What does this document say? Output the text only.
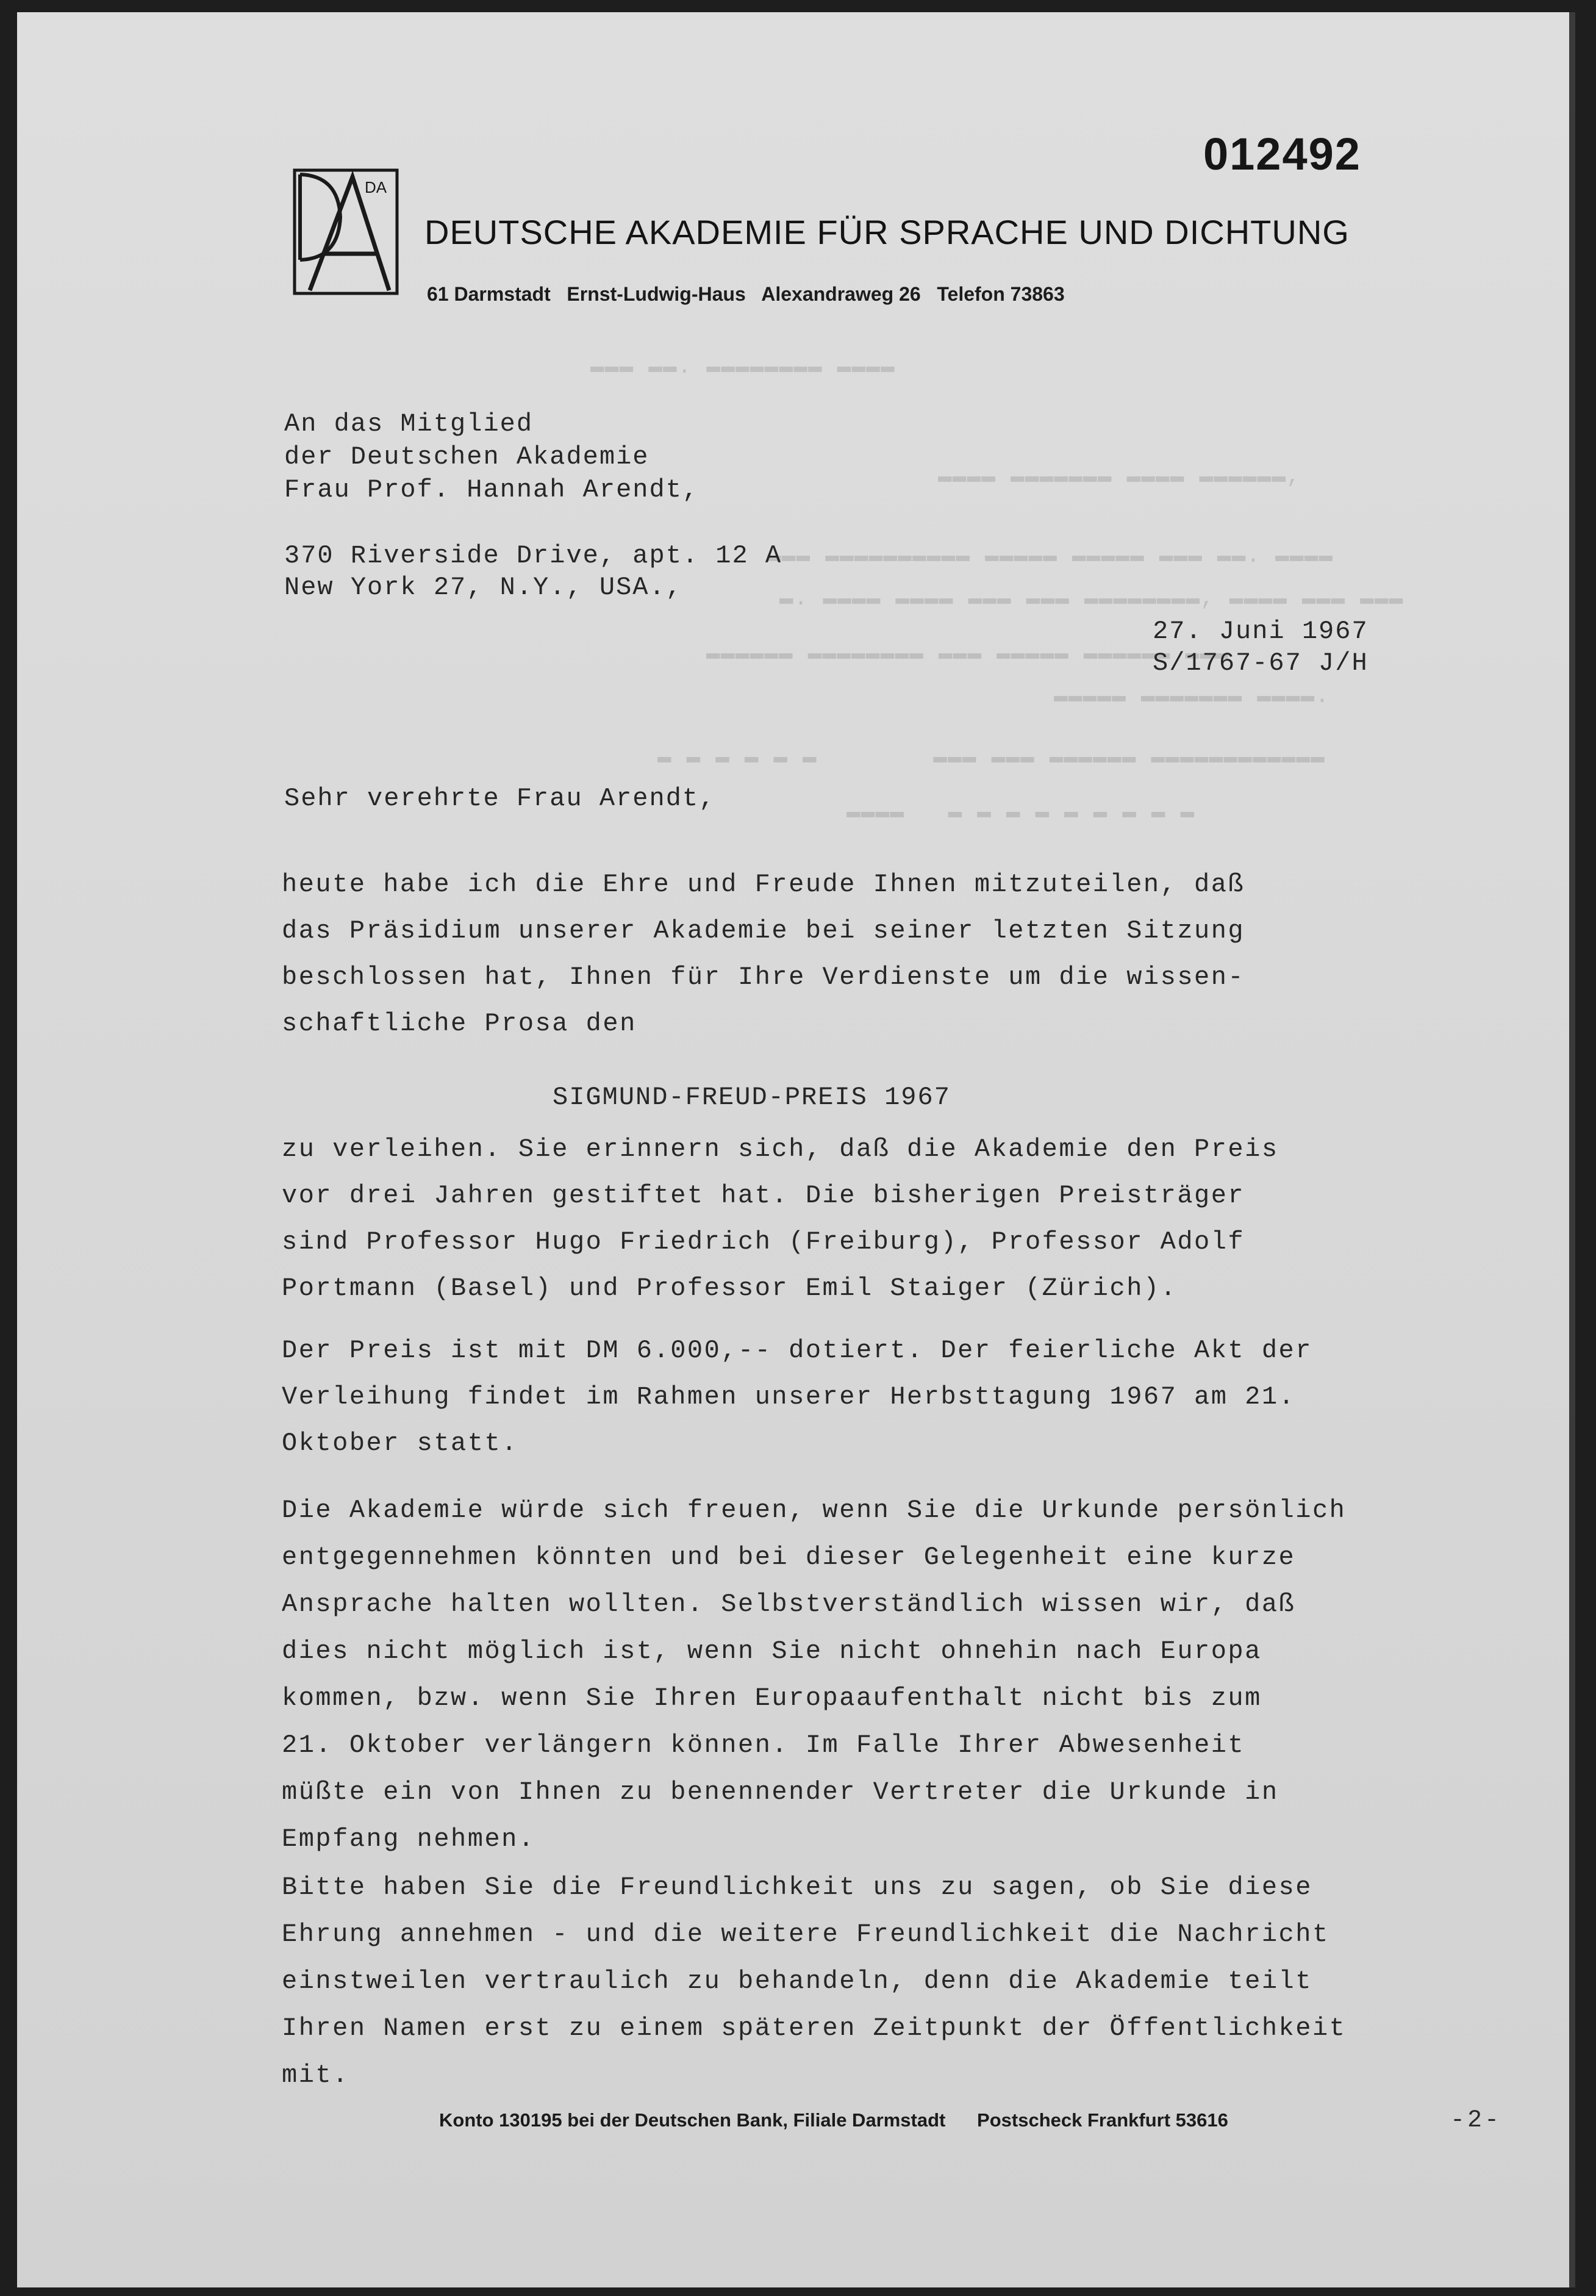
▬▬▬ ▬▬. ▬▬▬▬▬▬▬▬ ▬▬▬▬
▬▬▬▬ ▬▬▬▬▬▬▬ ▬▬▬▬ ▬▬▬▬▬▬,
▬▬▬ ▬▬▬▬▬▬▬▬▬▬ ▬▬▬▬▬ ▬▬▬▬▬ ▬▬▬ ▬▬. ▬▬▬▬
▬. ▬▬▬▬ ▬▬▬▬ ▬▬▬ ▬▬▬ ▬▬▬▬▬▬▬▬, ▬▬▬▬ ▬▬▬ ▬▬▬
▬▬▬▬▬▬ ▬▬▬▬▬▬▬▬ ▬▬▬ ▬▬▬▬▬ ▬▬▬▬▬▬ ▬▬▬
▬▬▬▬▬ ▬▬▬▬▬▬▬ ▬▬▬▬.
▬ ▬ ▬ ▬ ▬ ▬        ▬▬▬ ▬▬▬ ▬▬▬▬▬▬ ▬▬▬▬▬▬▬▬▬▬▬▬
▬▬▬▬   ▬ ▬ ▬ ▬ ▬ ▬ ▬ ▬ ▬
012492
DA
DEUTSCHE AKADEMIE FÜR SPRACHE UND DICHTUNG
61 Darmstadt   Ernst-Ludwig-Haus   Alexandraweg 26   Telefon 73863
An das Mitglied
der Deutschen Akademie
Frau Prof. Hannah Arendt,
370 Riverside Drive, apt. 12 A
New York 27, N.Y., USA.,
27. Juni 1967
S/1767-67 J/H
Sehr verehrte Frau Arendt,
heute habe ich die Ehre und Freude Ihnen mitzuteilen, daß
das Präsidium unserer Akademie bei seiner letzten Sitzung
beschlossen hat, Ihnen für Ihre Verdienste um die wissen-
schaftliche Prosa den
SIGMUND-FREUD-PREIS 1967
zu verleihen. Sie erinnern sich, daß die Akademie den Preis
vor drei Jahren gestiftet hat. Die bisherigen Preisträger
sind Professor Hugo Friedrich (Freiburg), Professor Adolf
Portmann (Basel) und Professor Emil Staiger (Zürich).
Der Preis ist mit DM 6.000,-- dotiert. Der feierliche Akt der
Verleihung findet im Rahmen unserer Herbsttagung 1967 am 21.
Oktober statt.
Die Akademie würde sich freuen, wenn Sie die Urkunde persönlich
entgegennehmen könnten und bei dieser Gelegenheit eine kurze
Ansprache halten wollten. Selbstverständlich wissen wir, daß
dies nicht möglich ist, wenn Sie nicht ohnehin nach Europa
kommen, bzw. wenn Sie Ihren Europaaufenthalt nicht bis zum
21. Oktober verlängern können. Im Falle Ihrer Abwesenheit
müßte ein von Ihnen zu benennender Vertreter die Urkunde in
Empfang nehmen.
Bitte haben Sie die Freundlichkeit uns zu sagen, ob Sie diese
Ehrung annehmen - und die weitere Freundlichkeit die Nachricht
einstweilen vertraulich zu behandeln, denn die Akademie teilt
Ihren Namen erst zu einem späteren Zeitpunkt der Öffentlichkeit
mit.
Konto 130195 bei der Deutschen Bank, Filiale Darmstadt      Postscheck Frankfurt 53616	-2-
